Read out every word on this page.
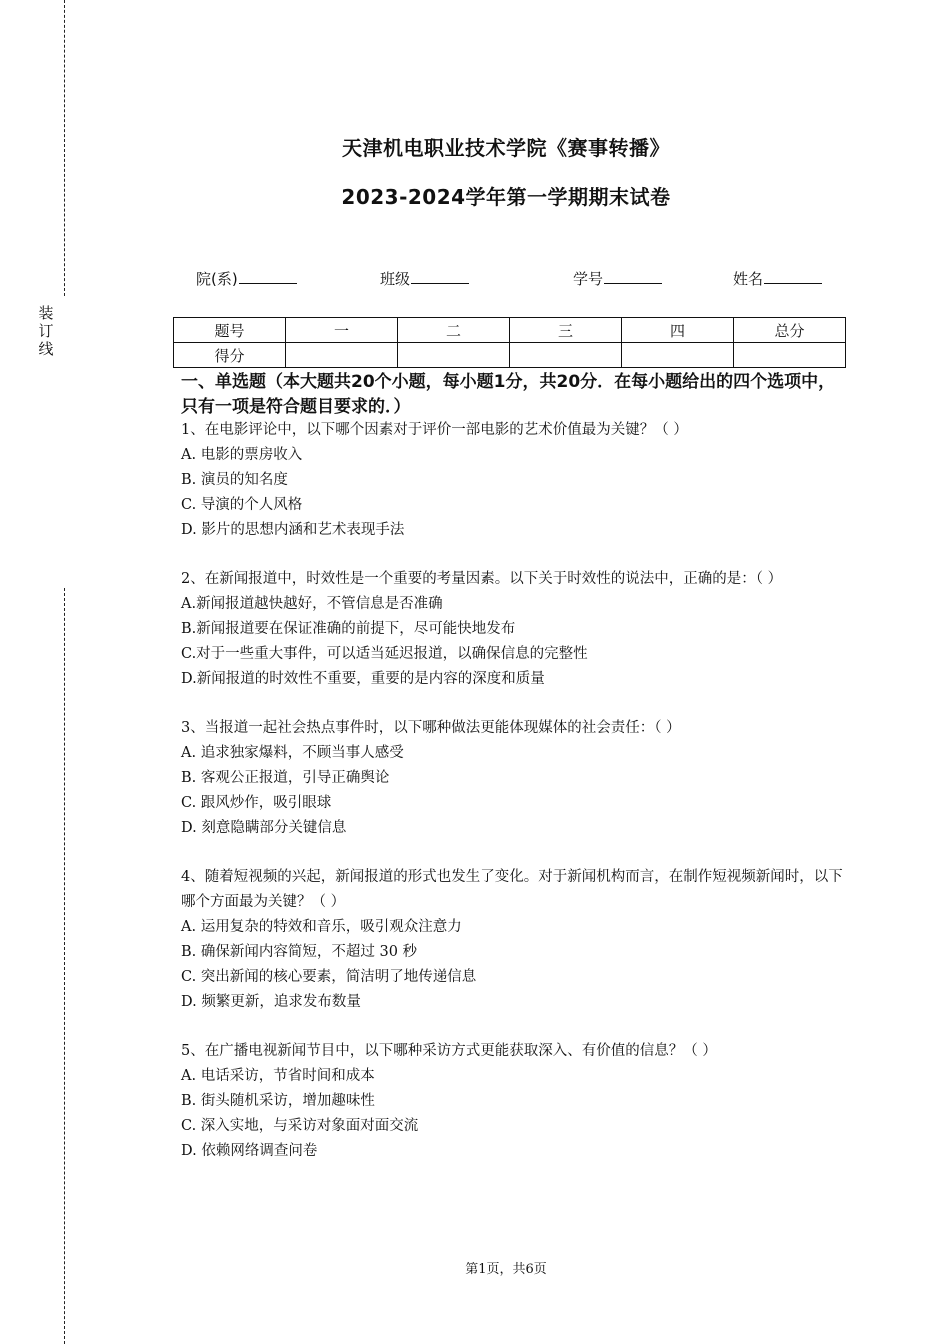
装
订
线
天津机电职业技术学院《赛事转播》
2023-2024学年第一学期期末试卷
院(系)	班级	学号	姓名
题号	一	二	三	四	总分
得分					
一、单选题（本大题共20个小题，每小题1分，共20分．在每小题给出的四个选项中，只有一项是符合题目要求的．）

1、在电影评论中，以下哪个因素对于评价一部电影的艺术价值最为关键？（ ）

A. 电影的票房收入

B. 演员的知名度

C. 导演的个人风格

D. 影片的思想内涵和艺术表现手法

2、在新闻报道中，时效性是一个重要的考量因素。以下关于时效性的说法中，正确的是：（ ）

A.新闻报道越快越好，不管信息是否准确

B.新闻报道要在保证准确的前提下，尽可能快地发布

C.对于一些重大事件，可以适当延迟报道，以确保信息的完整性

D.新闻报道的时效性不重要，重要的是内容的深度和质量

3、当报道一起社会热点事件时，以下哪种做法更能体现媒体的社会责任：（ ）

A. 追求独家爆料，不顾当事人感受

B. 客观公正报道，引导正确舆论

C. 跟风炒作，吸引眼球

D. 刻意隐瞒部分关键信息

4、随着短视频的兴起，新闻报道的形式也发生了变化。对于新闻机构而言，在制作短视频新闻时，以下哪个方面最为关键？（ ）

A. 运用复杂的特效和音乐，吸引观众注意力

B. 确保新闻内容简短，不超过 30 秒

C. 突出新闻的核心要素，简洁明了地传递信息

D. 频繁更新，追求发布数量

5、在广播电视新闻节目中，以下哪种采访方式更能获取深入、有价值的信息？（ ）

A. 电话采访，节省时间和成本

B. 街头随机采访，增加趣味性

C. 深入实地，与采访对象面对面交流

D. 依赖网络调查问卷

第1页，共6页
